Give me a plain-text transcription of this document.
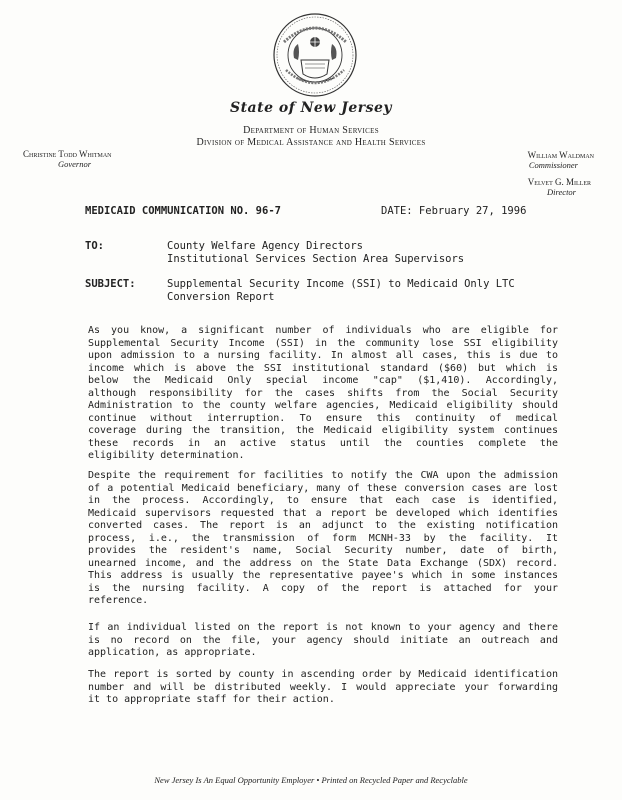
State of New Jersey
Department of Human Services
Division of Medical Assistance and Health Services
Christine Todd Whitman
Governor
William Waldman
Commissioner
Velvet G. Miller
Director
MEDICAID COMMUNICATION NO. 96-7	DATE: February 27, 1996
TO:	County Welfare Agency Directors
Institutional Services Section Area Supervisors
SUBJECT:	Supplemental Security Income (SSI) to Medicaid Only LTC
Conversion Report
As you know, a significant number of individuals who are eligible for
Supplemental Security Income (SSI) in the community lose SSI eligibility
upon admission to a nursing facility. In almost all cases, this is due to
income which is above the SSI institutional standard ($60) but which is
below the Medicaid Only special income "cap" ($1,410). Accordingly,
although responsibility for the cases shifts from the Social Security
Administration to the county welfare agencies, Medicaid eligibility should
continue without interruption. To ensure this continuity of medical
coverage during the transition, the Medicaid eligibility system continues
these records in an active status until the counties complete the
eligibility determination.
Despite the requirement for facilities to notify the CWA upon the admission
of a potential Medicaid beneficiary, many of these conversion cases are lost
in the process. Accordingly, to ensure that each case is identified,
Medicaid supervisors requested that a report be developed which identifies
converted cases. The report is an adjunct to the existing notification
process, i.e., the transmission of form MCNH-33 by the facility. It
provides the resident's name, Social Security number, date of birth,
unearned income, and the address on the State Data Exchange (SDX) record.
This address is usually the representative payee's which in some instances
is the nursing facility. A copy of the report is attached for your
reference.
If an individual listed on the report is not known to your agency and there
is no record on the file, your agency should initiate an outreach and
application, as appropriate.
The report is sorted by county in ascending order by Medicaid identification
number and will be distributed weekly. I would appreciate your forwarding
it to appropriate staff for their action.
New Jersey Is An Equal Opportunity Employer • Printed on Recycled Paper and Recyclable
